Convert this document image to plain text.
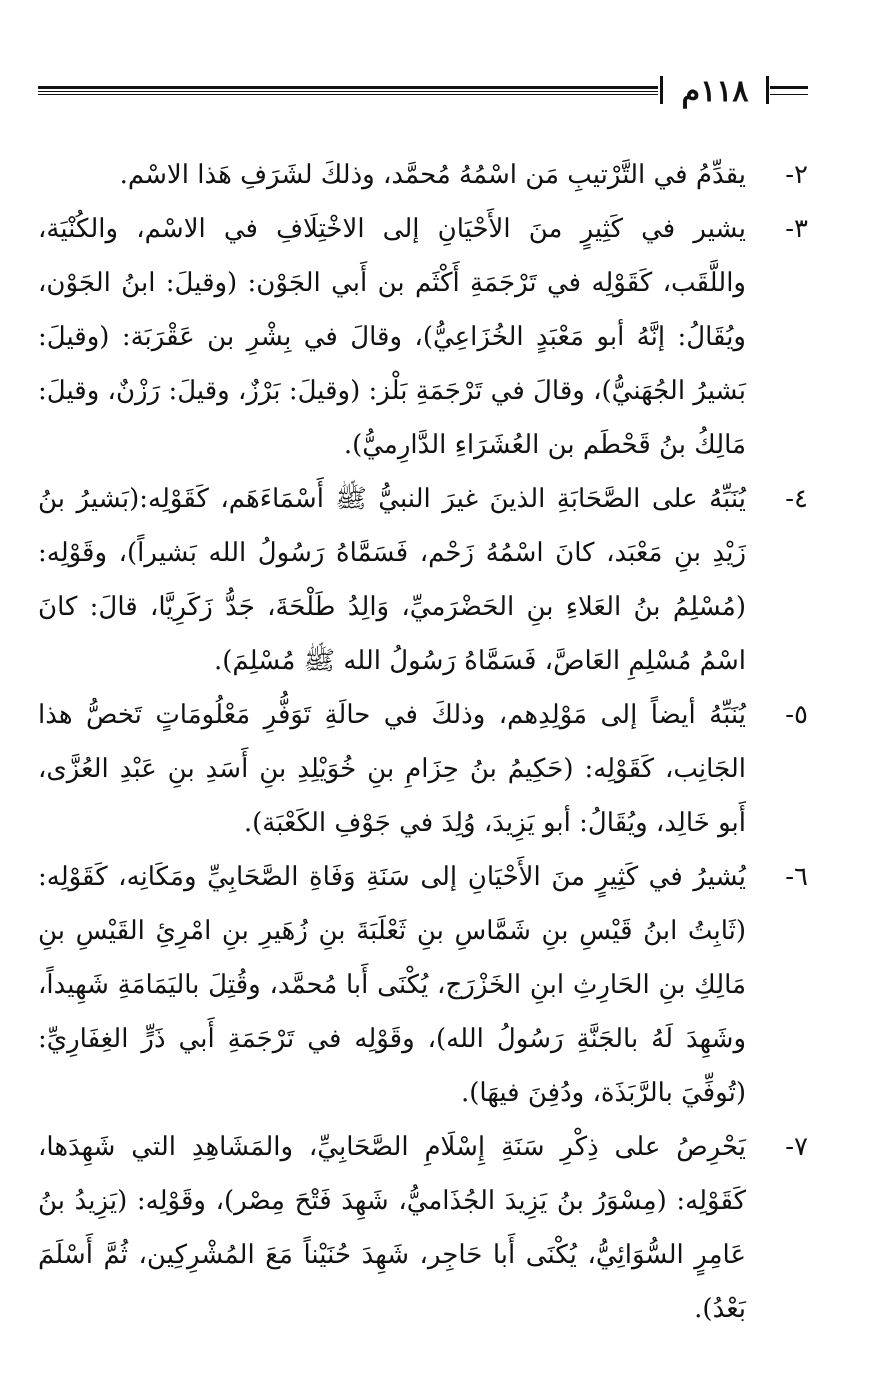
١١٨م
٢-
يقدِّمُ في التَّرْتيبِ مَن اسْمُهُ مُحمَّد، وذلكَ لشَرَفِ هَذا الاسْم.
٣-
يشير في كَثِيرٍ منَ الأَحْيَانِ إلى الاخْتِلَافِ في الاسْم، والكُنْيَة، واللَّقَب، كَقَوْلِه في تَرْجَمَةِ أَكْثَم بن أَبي الجَوْن: (وقيلَ: ابنُ الجَوْن، ويُقَالُ: إنَّهُ أبو مَعْبَدٍ الخُزَاعِيُّ)، وقالَ في بِشْرِ بن عَقْرَبَة: (وقيلَ: بَشيرُ الجُهَنيُّ)، وقالَ في تَرْجَمَةِ بَلْز: (وقيلَ: بَرْزٌ، وقيلَ: رَزْنٌ، وقيلَ: مَالِكُ بنُ قَحْطَم بن العُشَرَاءِ الدَّارِميُّ).
٤-
يُنَبِّهُ على الصَّحَابَةِ الذينَ غيرَ النبيُّ ﷺ أَسْمَاءَهَم، كَقَوْلِه:(بَشيرُ بنُ زَيْدِ بنِ مَعْبَد، كانَ اسْمُهُ زَحْم، فَسَمَّاهُ رَسُولُ الله بَشيراً)، وقَوْلِه: (مُسْلِمُ بنُ العَلاءِ بنِ الحَضْرَميِّ، وَالِدُ طَلْحَةَ، جَدُّ زَكَرِيَّا، قالَ: كانَ اسْمُ مُسْلِمِ العَاصَّ، فَسَمَّاهُ رَسُولُ الله ﷺ مُسْلِمَ).
٥-
يُنَبِّهُ أيضاً إلى مَوْلِدِهم، وذلكَ في حالَةِ تَوَفُّرِ مَعْلُومَاتٍ تَخصُّ هذا الجَانِب، كَقَوْلِه: (حَكِيمُ بنُ حِزَامِ بنِ خُوَيْلِدِ بنِ أَسَدِ بنِ عَبْدِ العُزَّى، أَبو خَالِد، ويُقَالُ: أبو يَزِيدَ، وُلِدَ في جَوْفِ الكَعْبَة).
٦-
يُشيرُ في كَثِيرٍ منَ الأَحْيَانِ إلى سَنَةِ وَفَاةِ الصَّحَابِيِّ ومَكَانِه، كَقَوْلِه: (ثَابِتُ ابنُ قَيْسِ بنِ شَمَّاسِ بنِ ثَعْلَبَةَ بنِ زُهَيرِ بنِ امْرِئِ القَيْسِ بنِ مَالِكِ بنِ الحَارِثِ ابنِ الخَزْرَج، يُكْنَى أَبا مُحمَّد، وقُتِلَ باليَمَامَةِ شَهِيداً، وشَهِدَ لَهُ بالجَنَّةِ رَسُولُ الله)، وقَوْلِه في تَرْجَمَةِ أَبي ذَرٍّ الغِفَارِيِّ: (تُوفِّيَ بالرَّبَذَة، ودُفِنَ فيهَا).
٧-
يَحْرِصُ على ذِكْرِ سَنَةِ إِسْلَامِ الصَّحَابِيِّ، والمَشَاهِدِ التي شَهِدَها، كَقَوْلِه: (مِسْوَرُ بنُ يَزِيدَ الجُذَاميُّ، شَهِدَ فَتْحَ مِصْر)، وقَوْلِه: (يَزِيدُ بنُ عَامِرٍ السُّوَائِيُّ، يُكْنَى أَبا حَاجِر، شَهِدَ حُنَيْناً مَعَ المُشْرِكِين، ثُمَّ أَسْلَمَ بَعْدُ).
